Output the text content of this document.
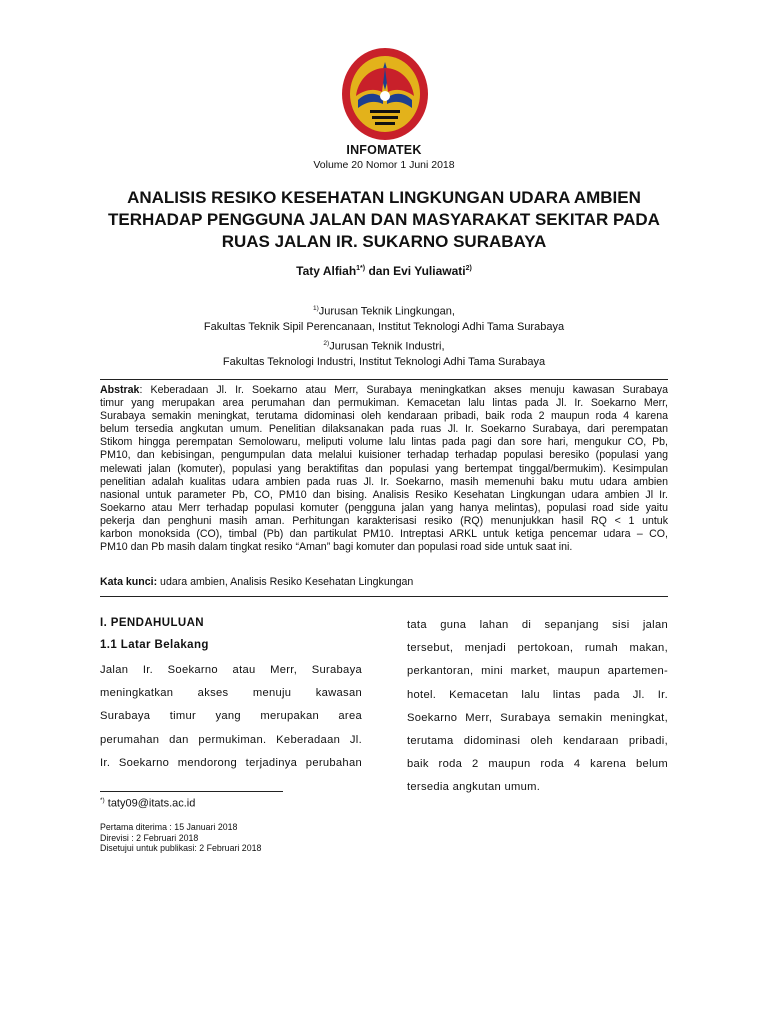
INFOMATEK
Volume 20 Nomor 1 Juni 2018
ANALISIS RESIKO KESEHATAN LINGKUNGAN UDARA AMBIEN
TERHADAP PENGGUNA JALAN DAN MASYARAKAT SEKITAR PADA
RUAS JALAN IR. SUKARNO SURABAYA
Taty Alfiah$^{1*)}$ dan Evi Yuliawati$^{2)}$
$^{1)}$Jurusan Teknik Lingkungan,
Fakultas Teknik Sipil Perencanaan, Institut Teknologi Adhi Tama Surabaya
$^{2)}$Jurusan Teknik Industri,
Fakultas Teknologi Industri, Institut Teknologi Adhi Tama Surabaya
Abstrak: Keberadaan Jl. Ir. Soekarno atau Merr, Surabaya meningkatkan akses menuju kawasan Surabaya
timur yang merupakan area perumahan dan permukiman. Kemacetan lalu lintas pada Jl. Ir. Soekarno Merr,
Surabaya semakin meningkat, terutama didominasi oleh kendaraan pribadi, baik roda 2 maupun roda 4 karena
belum tersedia angkutan umum. Penelitian dilaksanakan pada ruas Jl. Ir. Soekarno Surabaya, dari perempatan
Stikom hingga perempatan Semolowaru, meliputi volume lalu lintas pada pagi dan sore hari, mengukur CO, Pb,
PM10, dan kebisingan, pengumpulan data melalui kuisioner terhadap terhadap populasi beresiko (populasi yang
melewati jalan (komuter), populasi yang beraktifitas dan populasi yang bertempat tinggal/bermukim). Kesimpulan
penelitian adalah kualitas udara ambien pada ruas Jl. Ir. Soekarno, masih memenuhi baku mutu udara ambien
nasional untuk parameter Pb, CO, PM10 dan bising. Analisis Resiko Kesehatan Lingkungan udara ambien Jl Ir.
Soekarno atau Merr terhadap populasi komuter (pengguna jalan yang hanya melintas), populasi road side yaitu
pekerja dan penghuni masih aman. Perhitungan karakterisasi resiko (RQ) menunjukkan hasil RQ < 1 untuk
karbon monoksida (CO), timbal (Pb) dan partikulat PM10. Intreptasi ARKL untuk ketiga pencemar udara – CO,
PM10 dan Pb masih dalam tingkat resiko “Aman” bagi komuter dan populasi road side untuk saat ini.
Kata kunci: udara ambien, Analisis Resiko Kesehatan Lingkungan
I. PENDAHULUAN
1.1 Latar Belakang
Jalan Ir. Soekarno atau Merr, Surabaya
meningkatkan akses menuju kawasan
Surabaya timur yang merupakan area
perumahan dan permukiman. Keberadaan Jl.
Ir. Soekarno mendorong terjadinya perubahan
tata guna lahan di sepanjang sisi jalan
tersebut, menjadi pertokoan, rumah makan,
perkantoran, mini market, maupun apartemen-
hotel. Kemacetan lalu lintas pada Jl. Ir.
Soekarno Merr, Surabaya semakin meningkat,
terutama didominasi oleh kendaraan pribadi,
baik roda 2 maupun roda 4 karena belum
tersedia angkutan umum.
*) taty09@itats.ac.id
Pertama diterima : 15 Januari 2018
Direvisi : 2 Februari 2018
Disetujui untuk publikasi: 2 Februari 2018
